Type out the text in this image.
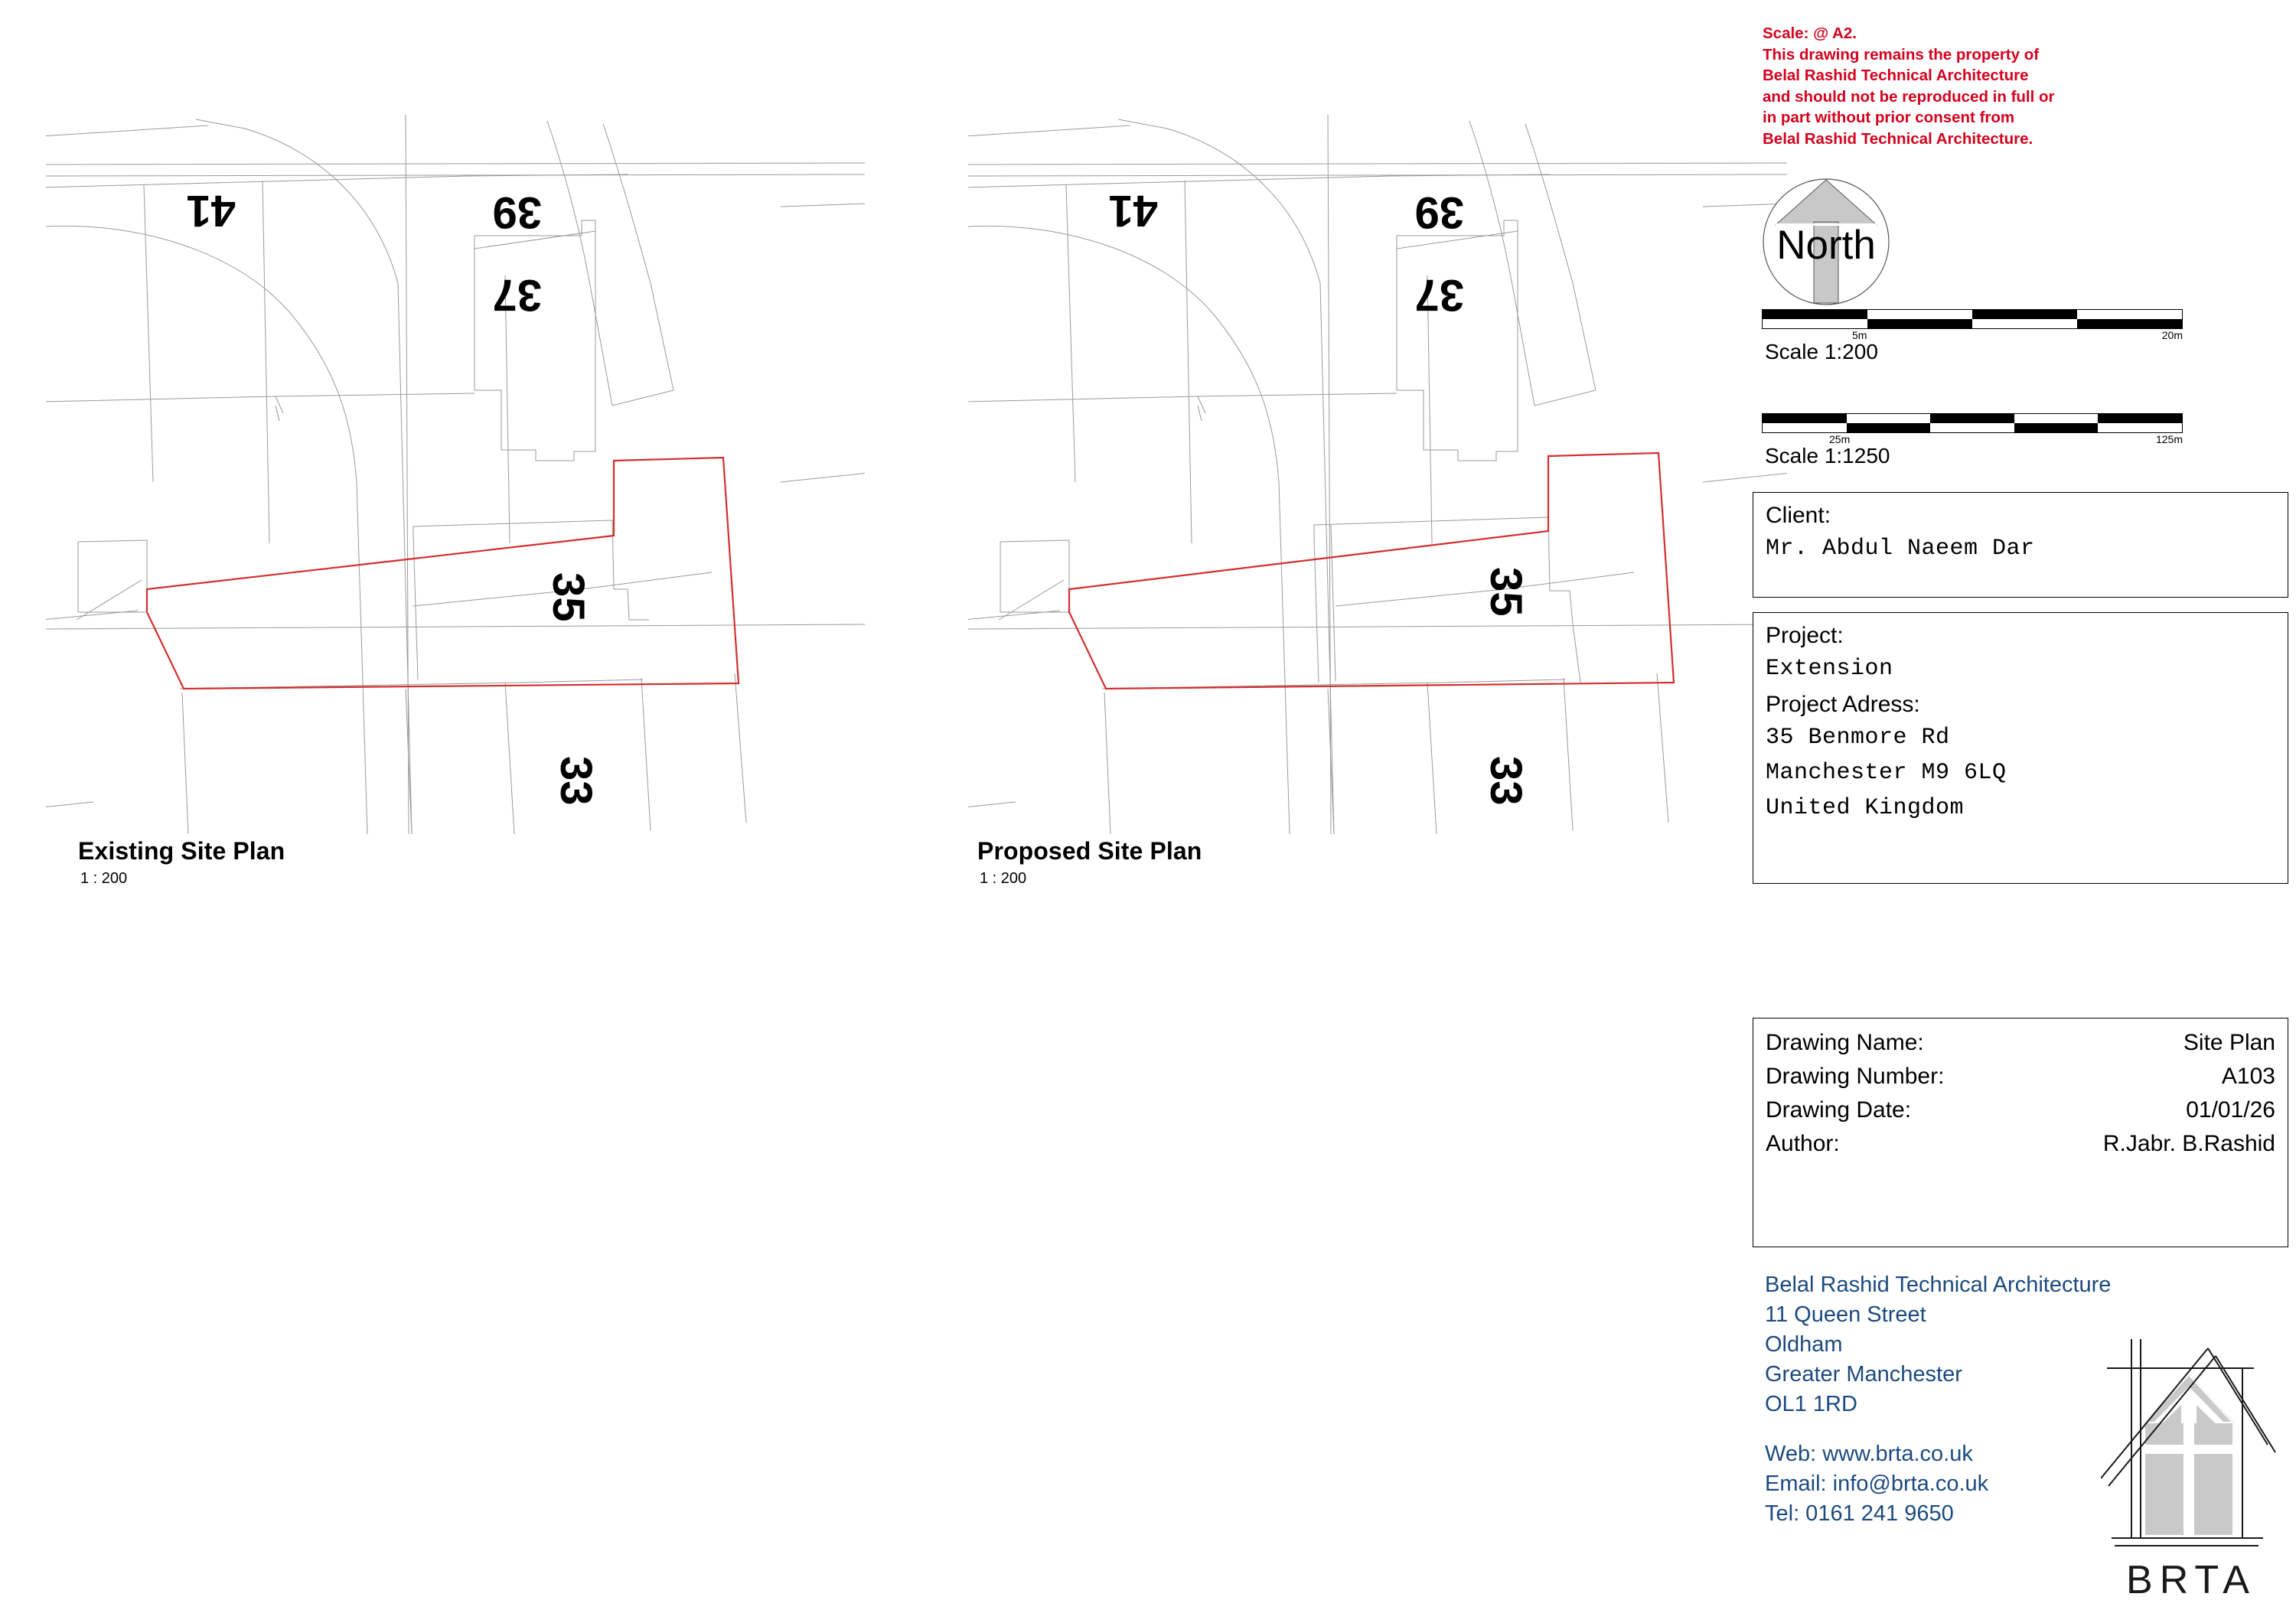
41	39
37
35
33
Existing Site Plan
1 : 200
41	39
37
35
33
Proposed Site Plan
1 : 200
Scale: @ A2.
This drawing remains the property of
Belal Rashid Technical Architecture
and should not be reproduced in full or
in part without prior consent from
Belal Rashid Technical Architecture.
North
5m	20m
Scale 1:200
25m	125m
Scale 1:1250
Client:
Mr. Abdul Naeem Dar
Project:
Extension
Project Adress:
35 Benmore Rd
Manchester M9 6LQ
United Kingdom
Drawing Name:	Site Plan
Drawing Number:	A103
Drawing Date:	01/01/26
Author:	R.Jabr. B.Rashid
Belal Rashid Technical Architecture
11 Queen Street
Oldham
Greater Manchester
OL1 1RD
Web: www.brta.co.uk
Email: info@brta.co.uk
Tel: 0161 241 9650
BRTA
